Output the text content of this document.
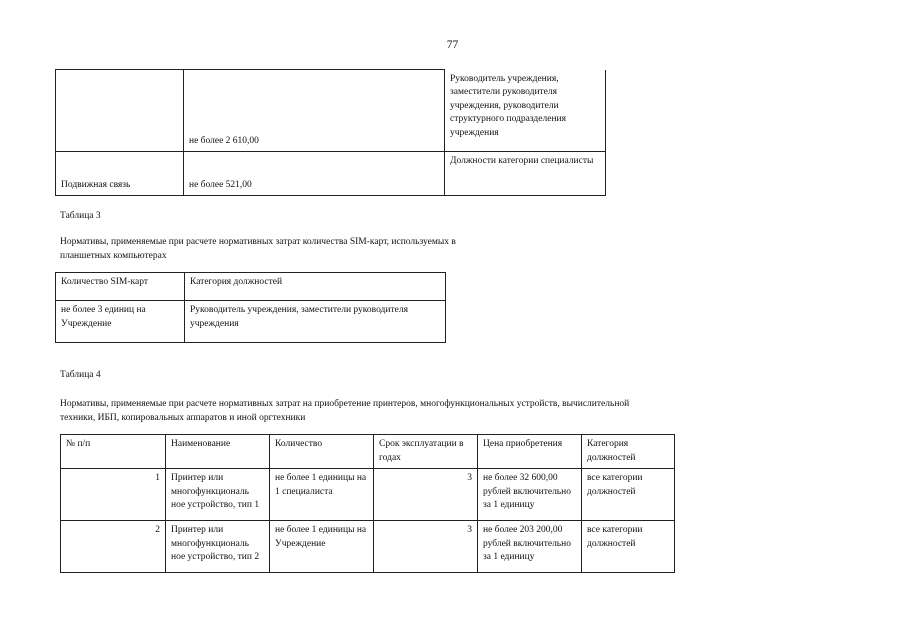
77
	не более 2 610,00	Руководитель учреждения, заместители руководителя учреждения, руководители структурного подразделения учреждения
Подвижная связь	не более 521,00	Должности категории специалисты
Таблица 3
Нормативы, применяемые при расчете нормативных затрат количества SIM-карт, используемых в планшетных компьютерах
Количество SIM-карт	Категория должностей
не более 3 единиц на Учреждение	Руководитель учреждения, заместители руководителя учреждения
Таблица 4
Нормативы, применяемые при расчете нормативных затрат на приобретение принтеров, многофункциональных устройств, вычислительной техники, ИБП, копировальных аппаратов и иной оргтехники
№ п/п	Наименование	Количество	Срок эксплуатации в годах	Цена приобретения	Категория должностей
1	Принтер или многофункциональ ное устройство, тип 1	не более 1 единицы на 1 специалиста	3	не более 32 600,00 рублей включительно за 1 единицу	все категории должностей
2	Принтер или многофункциональ ное устройство, тип 2	не более 1 единицы на Учреждение	3	не более 203 200,00 рублей включительно за 1 единицу	все категории должностей
